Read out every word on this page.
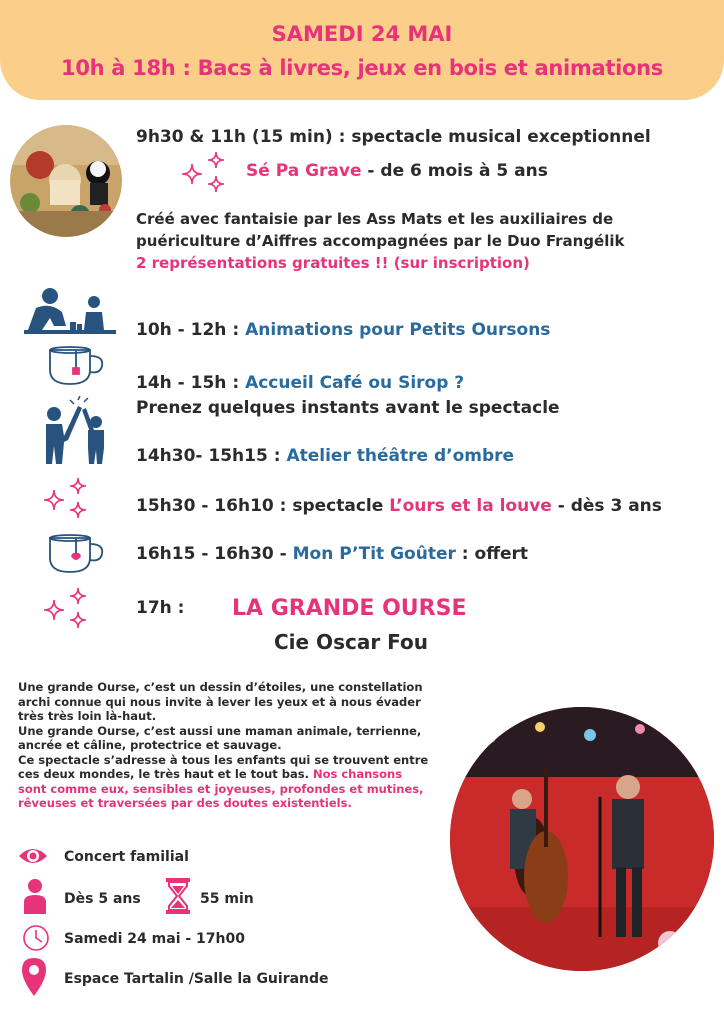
SAMEDI 24 MAI
10h à 18h : Bacs à livres, jeux en bois et animations
9h30 & 11h (15 min) : spectacle musical exceptionnel
Sé Pa Grave - de 6 mois à 5 ans
Créé avec fantaisie par les Ass Mats et les auxiliaires de
puériculture d’Aiffres accompagnées par le Duo Frangélik
2 représentations gratuites !! (sur inscription)
10h - 12h : Animations pour Petits Oursons
14h - 15h : Accueil Café ou Sirop ?
Prenez quelques instants avant le spectacle
14h30- 15h15 : Atelier théâtre d’ombre
15h30 - 16h10 : spectacle L’ours et la louve - dès 3 ans
16h15 - 16h30 - Mon P’Tit Goûter : offert
17h : LA GRANDE OURSE
Cie Oscar Fou
Une grande Ourse, c’est un dessin d’étoiles, une constellation
archi connue qui nous invite à lever les yeux et à nous évader
très très loin là-haut.
Une grande Ourse, c’est aussi une maman animale, terrienne,
ancrée et câline, protectrice et sauvage.
Ce spectacle s’adresse à tous les enfants qui se trouvent entre
ces deux mondes, le très haut et le tout bas. Nos chansons
sont comme eux, sensibles et joyeuses, profondes et mutines,
rêveuses et traversées par des doutes existentiels.
Concert familial
Dès 5 ans	55 min
Samedi 24 mai - 17h00
Espace Tartalin /Salle la Guirande
